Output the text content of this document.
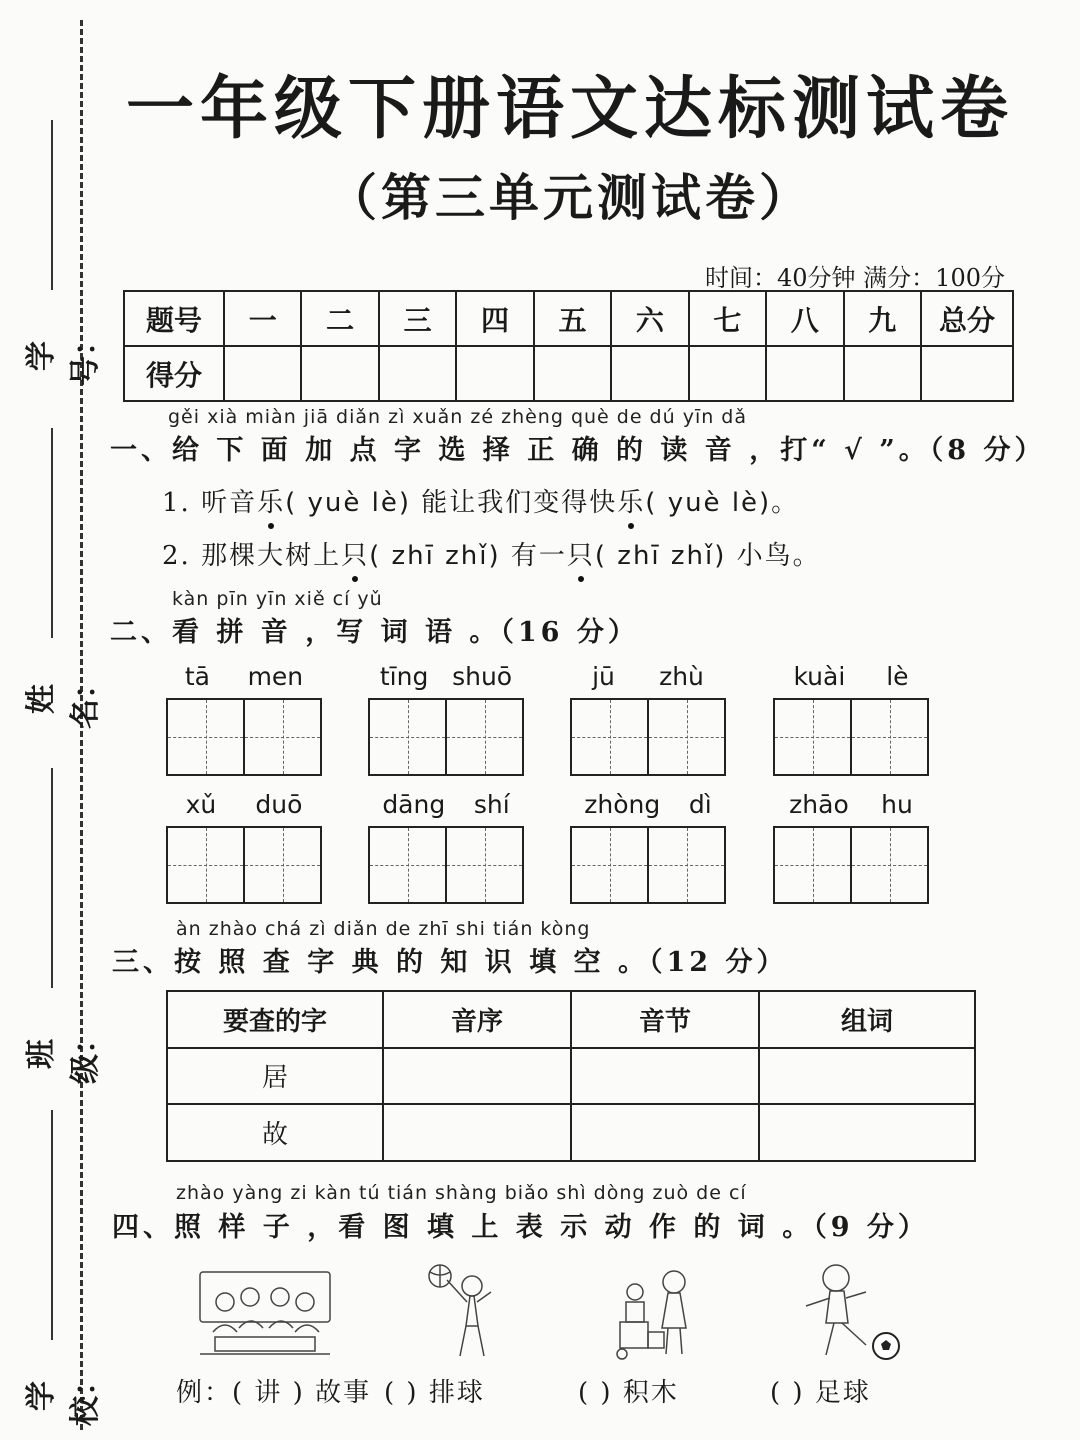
学号：
姓名：
班级：
学校：
一年级下册语文达标测试卷
（第三单元测试卷）
时间：40分钟 满分：100分
题号	一	二	三	四	五	六	七	八	九	总分
得分										
gěi xià miàn jiā diǎn zì xuǎn zé zhèng què de dú yīn dǎ
一、给 下 面 加 点 字 选 择 正 确 的 读 音 ，打“ √ ”。（8 分）
1. 听音乐( yuè lè) 能让我们变得快乐( yuè lè)。
2. 那棵大树上只( zhī zhǐ) 有一只( zhī zhǐ) 小鸟。
kàn pīn yīn xiě cí yǔ
二、看 拼 音 ，写 词 语 。（16 分）
tā men	tīng shuō	jū zhù	kuài lè
xǔ duō	dāng shí	zhòng dì	zhāo hu
àn zhào chá zì diǎn de zhī shi tián kòng
三、按 照 查 字 典 的 知 识 填 空 。（12 分）
要查的字	音序	音节	组词
居			
故			
zhào yàng zi kàn tú tián shàng biǎo shì dòng zuò de cí
四、照 样 子 ，看 图 填 上 表 示 动 作 的 词 。（9 分）
例：( 讲 ) 故事 ( ) 排球	( ) 积木	( ) 足球
